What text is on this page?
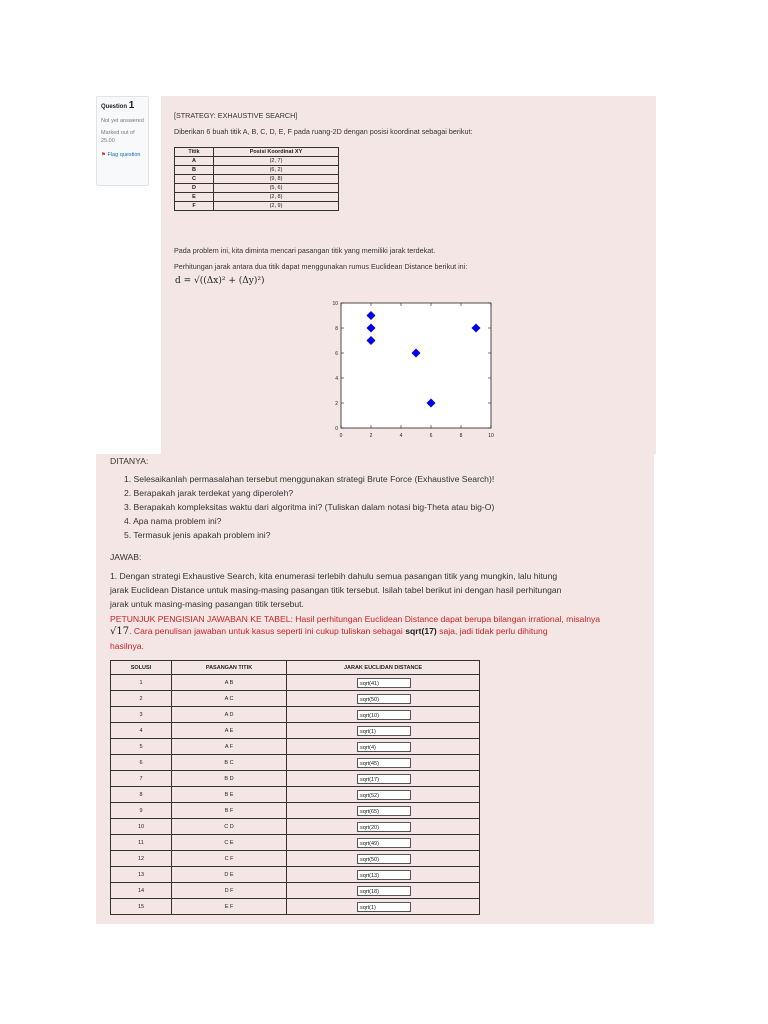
Question 1
Not yet answered
Marked out of 25.00
⚑ Flag question
[STRATEGY: EXHAUSTIVE SEARCH]
Diberikan 6 buah titik A, B, C, D, E, F pada ruang-2D dengan posisi koordinat sebagai berikut:
Titik	Posisi Koordinat XY
A	(2, 7)
B	(6, 2)
C	(9, 8)
D	(5, 6)
E	(2, 8)
F	(2, 9)
Pada problem ini, kita diminta mencari pasangan titik yang memiliki jarak terdekat.
Perhitungan jarak antara dua titik dapat menggunakan rumus Euclidean Distance berikut ini:
d = √((Δx)² + (Δy)²)
0	2	4	6	8	10
0
2
4
6
8
10
DITANYA:
1. Selesaikanlah permasalahan tersebut menggunakan strategi Brute Force (Exhaustive Search)!
2. Berapakah jarak terdekat yang diperoleh?
3. Berapakah kompleksitas waktu dari algoritma ini? (Tuliskan dalam notasi big-Theta atau big-O)
4. Apa nama problem ini?
5. Termasuk jenis apakah problem ini?
JAWAB:
1. Dengan strategi Exhaustive Search, kita enumerasi terlebih dahulu semua pasangan titik yang mungkin, lalu hitung
jarak Euclidean Distance untuk masing-masing pasangan titik tersebut. Isilah tabel berikut ini dengan hasil perhitungan
jarak untuk masing-masing pasangan titik tersebut.
PETUNJUK PENGISIAN JAWABAN KE TABEL: Hasil perhitungan Euclidean Distance dapat berupa bilangan irrational, misalnya
√17. Cara penulisan jawaban untuk kasus seperti ini cukup tuliskan sebagai sqrt(17) saja, jadi tidak perlu dihitung
hasilnya.
SOLUSI	PASANGAN TITIK	JARAK EUCLIDAN DISTANCE
1	A B	sqrt(41)
2	A C	sqrt(50)
3	A D	sqrt(10)
4	A E	sqrt(1)
5	A F	sqrt(4)
6	B C	sqrt(45)
7	B D	sqrt(17)
8	B E	sqrt(52)
9	B F	sqrt(65)
10	C D	sqrt(20)
11	C E	sqrt(49)
12	C F	sqrt(50)
13	D E	sqrt(13)
14	D F	sqrt(18)
15	E F	sqrt(1)
